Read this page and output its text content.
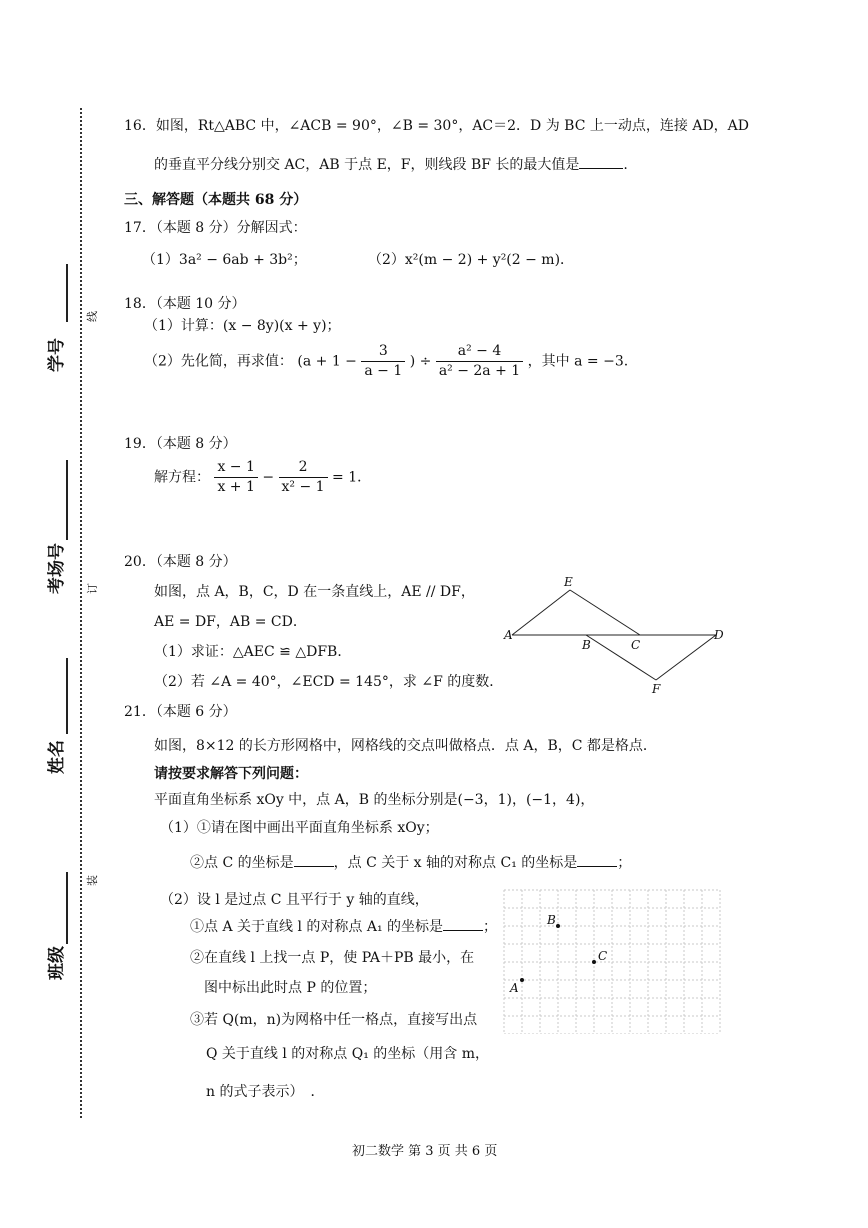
学号
考场号
姓名
班级
线
订
装
16．如图，Rt△ABC 中，∠ACB = 90°，∠B = 30°，AC＝2．D 为 BC 上一动点，连接 AD，AD
的垂直平分线分别交 AC，AB 于点 E，F，则线段 BF 长的最大值是	.
三、解答题（本题共 68 分）
17．（本题 8 分）分解因式：
（1）3a² − 6ab + 3b²；	（2）x²(m − 2) + y²(2 − m)．
18．（本题 10 分）
（1）计算：(x − 8y)(x + y)；
（2）先化简，再求值： ($a + 1 - \frac{3}{a - 1}$ ) ÷ $\frac{\text{a² − 4}}{\text{a² − 2a + 1}}$ ，其中 a = −3.
19．（本题 8 分）
解方程： $\frac{x - 1}{x + 1} - \frac{2}{\text{x² − 1}} = 1$．
20．（本题 8 分）
如图，点 A，B，C，D 在一条直线上，AE // DF，
AE = DF，AB = CD．
（1）求证：△AEC ≌ △DFB．
（2）若 ∠A = 40°，∠ECD = 145°，求 ∠F 的度数．
E
A
B	C
D
F
21．（本题 6 分）
如图，8×12 的长方形网格中，网格线的交点叫做格点．点 A，B，C 都是格点．
请按要求解答下列问题：
平面直角坐标系 xOy 中，点 A，B 的坐标分别是(−3，1)，(−1，4)，
（1）①请在图中画出平面直角坐标系 xOy；
②点 C 的坐标是	，点 C 关于 x 轴的对称点 C₁ 的坐标是	；
（2）设 l 是过点 C 且平行于 y 轴的直线，
①点 A 关于直线 l 的对称点 A₁ 的坐标是	；
②在直线 l 上找一点 P，使 PA＋PB 最小，在
图中标出此时点 P 的位置；
③若 Q(m，n)为网格中任一格点，直接写出点
Q 关于直线 l 的对称点 Q₁ 的坐标（用含 m，
n 的式子表示）　．
B
C
A
初二数学 第 3 页 共 6 页
